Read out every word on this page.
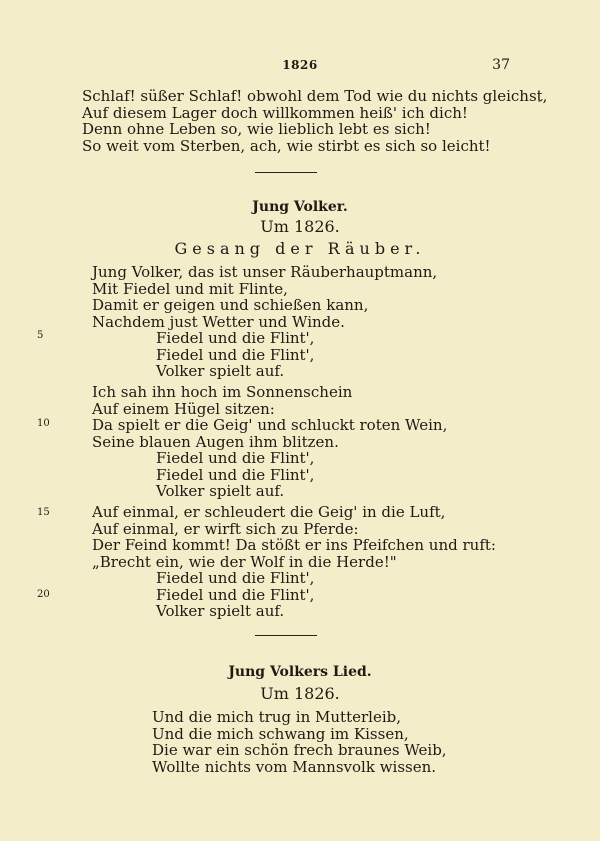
1826	37
Schlaf! süßer Schlaf! obwohl dem Tod wie du nichts gleichst,
Auf diesem Lager doch willkommen heiß' ich dich!
Denn ohne Leben so, wie lieblich lebt es sich!
So weit vom Sterben, ach, wie stirbt es sich so leicht!
Jung Volker.
Um 1826.
Gesang der Räuber.
Jung Volker, das ist unser Räuberhauptmann,
Mit Fiedel und mit Flinte,
Damit er geigen und schießen kann,
Nachdem just Wetter und Winde.
Fiedel und die Flint',
Fiedel und die Flint',
Volker spielt auf.
Ich sah ihn hoch im Sonnenschein
Auf einem Hügel sitzen:
Da spielt er die Geig' und schluckt roten Wein,
Seine blauen Augen ihm blitzen.
Fiedel und die Flint',
Fiedel und die Flint',
Volker spielt auf.
Auf einmal, er schleudert die Geig' in die Luft,
Auf einmal, er wirft sich zu Pferde:
Der Feind kommt! Da stößt er ins Pfeifchen und ruft:
„Brecht ein, wie der Wolf in die Herde!"
Fiedel und die Flint',
Fiedel und die Flint',
Volker spielt auf.
5
10
15
20
Jung Volkers Lied.
Um 1826.
Und die mich trug in Mutterleib,
Und die mich schwang im Kissen,
Die war ein schön frech braunes Weib,
Wollte nichts vom Mannsvolk wissen.
